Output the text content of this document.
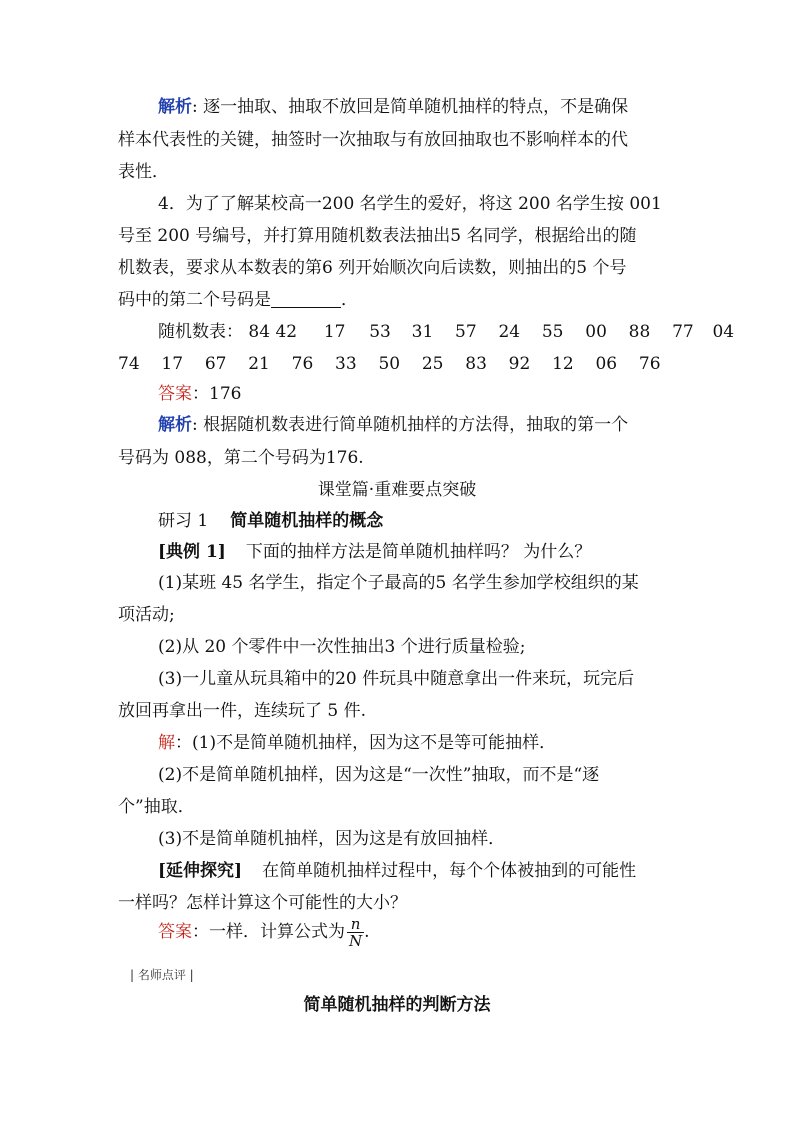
解析: 逐一抽取、抽取不放回是简单随机抽样的特点，不是确保
样本代表性的关键，抽签时一次抽取与有放回抽取也不影响样本的代
表性．
4．为了了解某校高一200 名学生的爱好，将这 200 名学生按 001
号至 200 号编号，并打算用随机数表法抽出5 名同学，根据给出的随
机数表，要求从本数表的第6 列开始顺次向后读数，则抽出的5 个号
码中的第二个号码是	．
随机数表： 84 42 17 53 31 57 24 55 00 88 77 04
74 17 67 21 76 33 50 25 83 92 12 06 76
答案：176
解析: 根据随机数表进行简单随机抽样的方法得，抽取的第一个
号码为 088，第二个号码为176.
课堂篇·重难要点突破
研习 1 简单随机抽样的概念
[典例 1] 下面的抽样方法是简单随机抽样吗？ 为什么？
(1)某班 45 名学生，指定个子最高的5 名学生参加学校组织的某
项活动;
(2)从 20 个零件中一次性抽出3 个进行质量检验;
(3)一儿童从玩具箱中的20 件玩具中随意拿出一件来玩，玩完后
放回再拿出一件，连续玩了 5 件.
解：(1)不是简单随机抽样，因为这不是等可能抽样．
(2)不是简单随机抽样，因为这是“一次性”抽取，而不是“逐
个”抽取．
(3)不是简单随机抽样，因为这是有放回抽样．
[延伸探究] 在简单随机抽样过程中，每个个体被抽到的可能性
一样吗？怎样计算这个可能性的大小？
答案：一样．计算公式为 $\frac{n}{N}$ .
| 名师点评 |
简单随机抽样的判断方法
